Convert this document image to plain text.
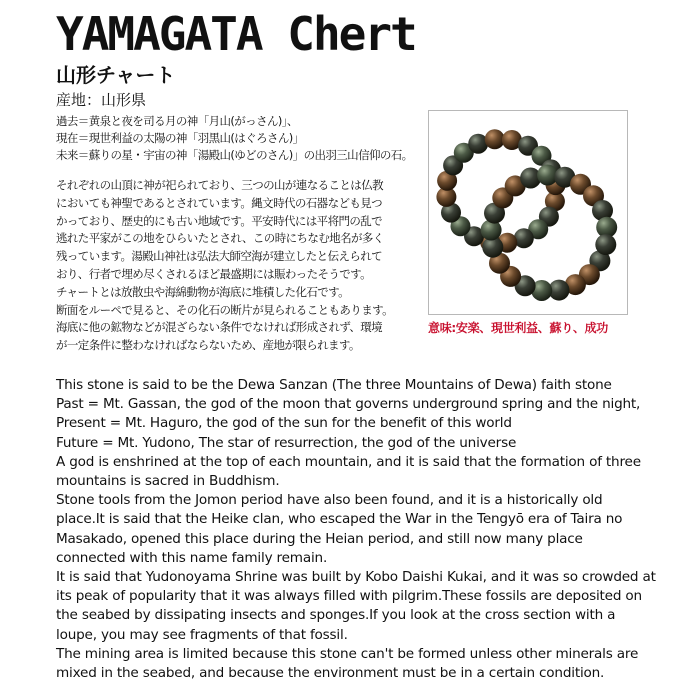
YAMAGATA Chert
山形チャート
産地：山形県
過去＝黄泉と夜を司る月の神「月山(がっさん)」、
現在＝現世利益の太陽の神「羽黒山(はぐろさん)」
未来＝蘇りの星・宇宙の神「湯殿山(ゆどのさん)」の出羽三山信仰の石。
それぞれの山頂に神が祀られており、三つの山が連なることは仏教
においても神聖であるとされています。縄文時代の石器なども見つ
かっており、歴史的にも古い地域です。平安時代には平将門の乱で
逃れた平家がこの地をひらいたとされ、この時にちなむ地名が多く
残っています。湯殿山神社は弘法大師空海が建立したと伝えられて
おり、行者で埋め尽くされるほど最盛期には賑わったそうです。
チャートとは放散虫や海綿動物が海底に堆積した化石です。
断面をルーペで見ると、その化石の断片が見られることもあります。
海底に他の鉱物などが混ざらない条件でなければ形成されず、環境
が一定条件に整わなければならないため、産地が限られます。
意味:安楽、現世利益、蘇り、成功
This stone is said to be the Dewa Sanzan (The three Mountains of Dewa) faith stone
Past = Mt. Gassan, the god of the moon that governs underground spring and the night,
Present = Mt. Haguro, the god of the sun for the benefit of this world
Future = Mt. Yudono, The star of resurrection, the god of the universe
A god is enshrined at the top of each mountain, and it is said that the formation of three
mountains is sacred in Buddhism.
Stone tools from the Jomon period have also been found, and it is a historically old
place.It is said that the Heike clan, who escaped the War in the Tengyō era of Taira no
Masakado, opened this place during the Heian period, and still now many place
connected with this name family remain.
It is said that Yudonoyama Shrine was built by Kobo Daishi Kukai, and it was so crowded at
its peak of popularity that it was always filled with pilgrim.These fossils are deposited on
the seabed by dissipating insects and sponges.If you look at the cross section with a
loupe, you may see fragments of that fossil.
The mining area is limited because this stone can't be formed unless other minerals are
mixed in the seabed, and because the environment must be in a certain condition.
